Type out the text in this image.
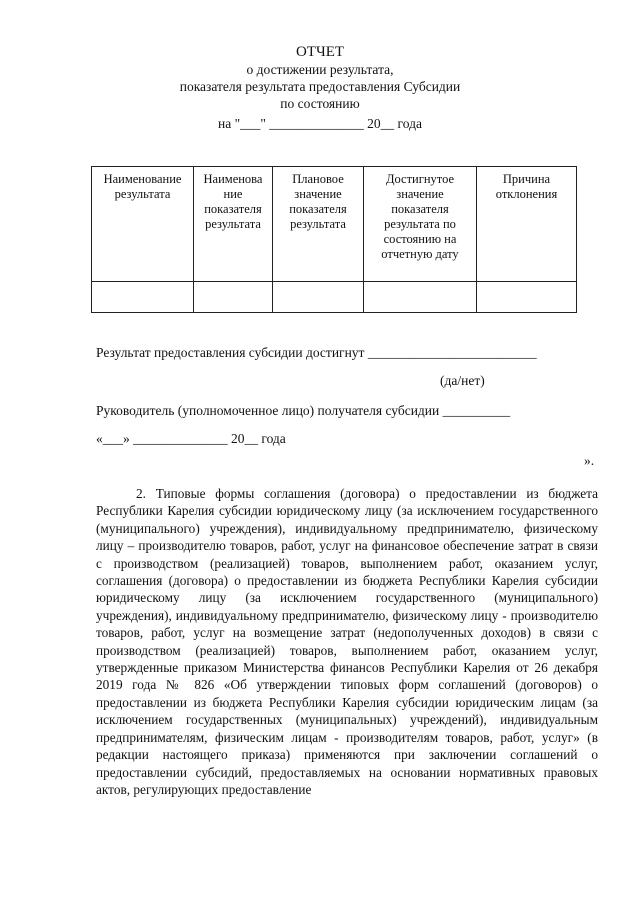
ОТЧЕТ
о достижении результата,
показателя результата предоставления Субсидии
по состоянию
на "___" ______________ 20__ года
Наименование результата	Наименова ние показателя результата	Плановое значение показателя результата	Достигнутое значение показателя результата по состоянию на отчетную дату	Причина отклонения

Результат предоставления субсидии достигнут _________________________
(да/нет)
Руководитель (уполномоченное лицо) получателя субсидии __________
«___» ______________ 20__ года
».

2. Типовые формы соглашения (договора) о предоставлении из бюджета Республики Карелия субсидии юридическому лицу (за исключением государственного (муниципального) учреждения), индивидуальному предпринимателю, физическому лицу – производителю товаров, работ, услуг на финансовое обеспечение затрат в связи с производством (реализацией) товаров, выполнением работ, оказанием услуг, соглашения (договора) о предоставлении из бюджета Республики Карелия субсидии юридическому лицу (за исключением государственного (муниципального) учреждения), индивидуальному предпринимателю, физическому лицу - производителю товаров, работ, услуг на возмещение затрат (недополученных доходов) в связи с производством (реализацией) товаров, выполнением работ, оказанием услуг, утвержденные приказом Министерства финансов Республики Карелия от 26 декабря 2019 года № 826 «Об утверждении типовых форм соглашений (договоров) о предоставлении из бюджета Республики Карелия субсидии юридическим лицам (за исключением государственных (муниципальных) учреждений), индивидуальным предпринимателям, физическим лицам - производителям товаров, работ, услуг» (в редакции настоящего приказа) применяются при заключении соглашений о предоставлении субсидий, предоставляемых на основании нормативных правовых актов, регулирующих предоставление
